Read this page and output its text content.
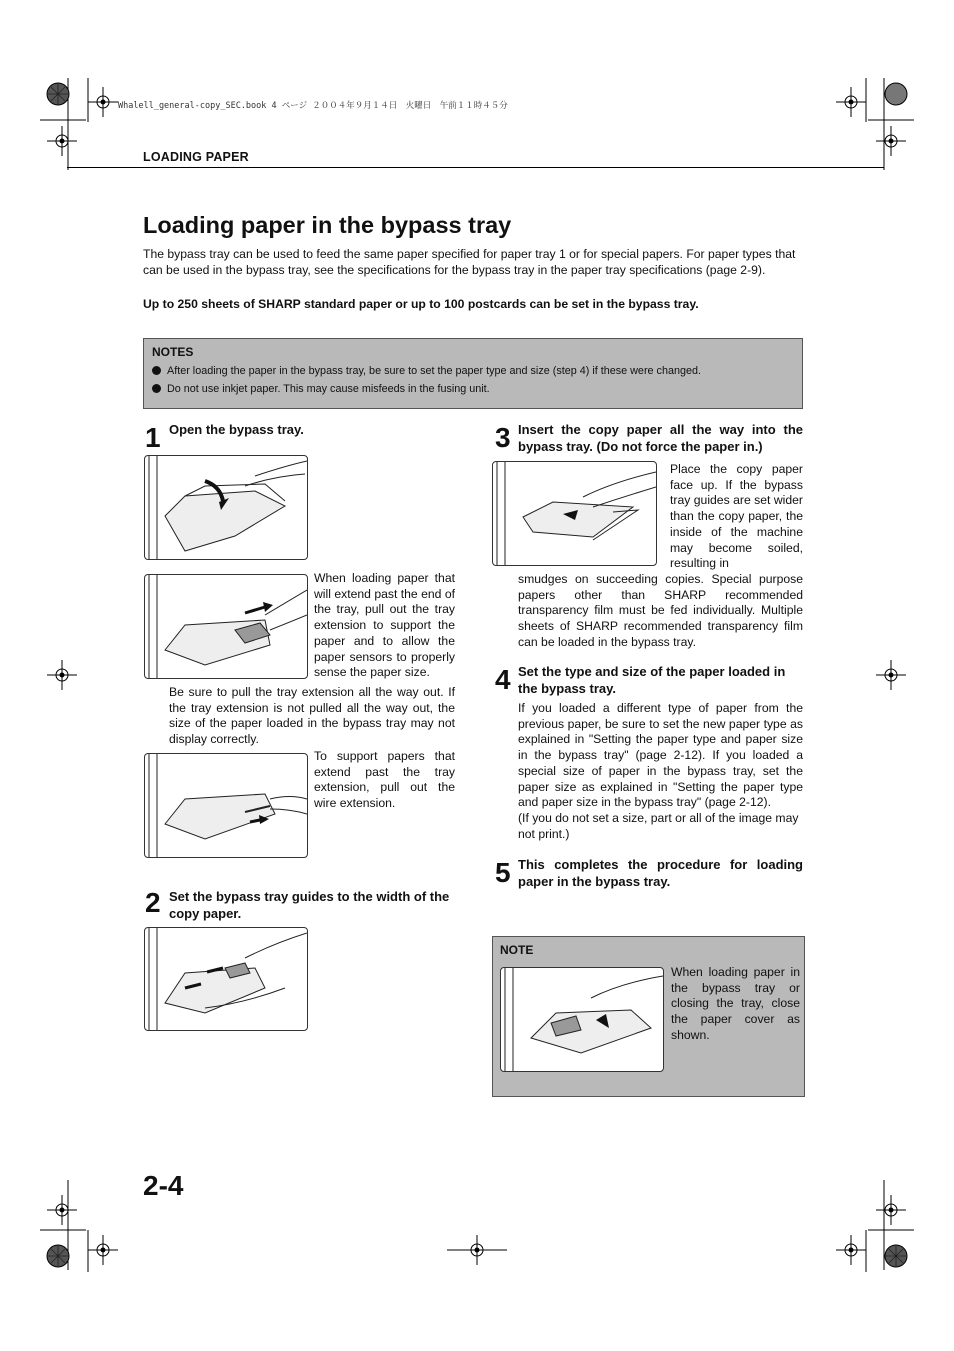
Whalell_general-copy_SEC.book 4 ページ ２００４年９月１４日　火曜日　午前１１時４５分
LOADING PAPER
Loading paper in the bypass tray
The bypass tray can be used to feed the same paper specified for paper tray 1 or for special papers. For paper types that can be used in the bypass tray, see the specifications for the bypass tray in the paper tray specifications (page 2-9).
Up to 250 sheets of SHARP standard paper or up to 100 postcards can be set in the bypass tray.
NOTES
After loading the paper in the bypass tray, be sure to set the paper type and size (step 4) if these were changed.
Do not use inkjet paper. This may cause misfeeds in the fusing unit.
1 Open the bypass tray.
When loading paper that will extend past the end of the tray, pull out the tray extension to support the paper and to allow the paper sensors to properly sense the paper size.
Be sure to pull the tray extension all the way out. If the tray extension is not pulled all the way out, the size of the paper loaded in the bypass tray may not display correctly.
To support papers that extend past the tray extension, pull out the wire extension.
2 Set the bypass tray guides to the width of the copy paper.
3 Insert the copy paper all the way into the bypass tray. (Do not force the paper in.)
Place the copy paper face up. If the bypass tray guides are set wider than the copy paper, the inside of the machine may become soiled, resulting in
smudges on succeeding copies. Special purpose papers other than SHARP recommended transparency film must be fed individually. Multiple sheets of SHARP recommended transparency film can be loaded in the bypass tray.
4 Set the type and size of the paper loaded in the bypass tray.
If you loaded a different type of paper from the previous paper, be sure to set the new paper type as explained in "Setting the paper type and paper size in the bypass tray" (page 2-12). If you loaded a special size of paper in the bypass tray, set the paper size as explained in "Setting the paper type and paper size in the bypass tray" (page 2-12).
(If you do not set a size, part or all of the image may not print.)
5 This completes the procedure for loading paper in the bypass tray.
NOTE
When loading paper in the bypass tray or closing the tray, close the paper cover as shown.
2-4
